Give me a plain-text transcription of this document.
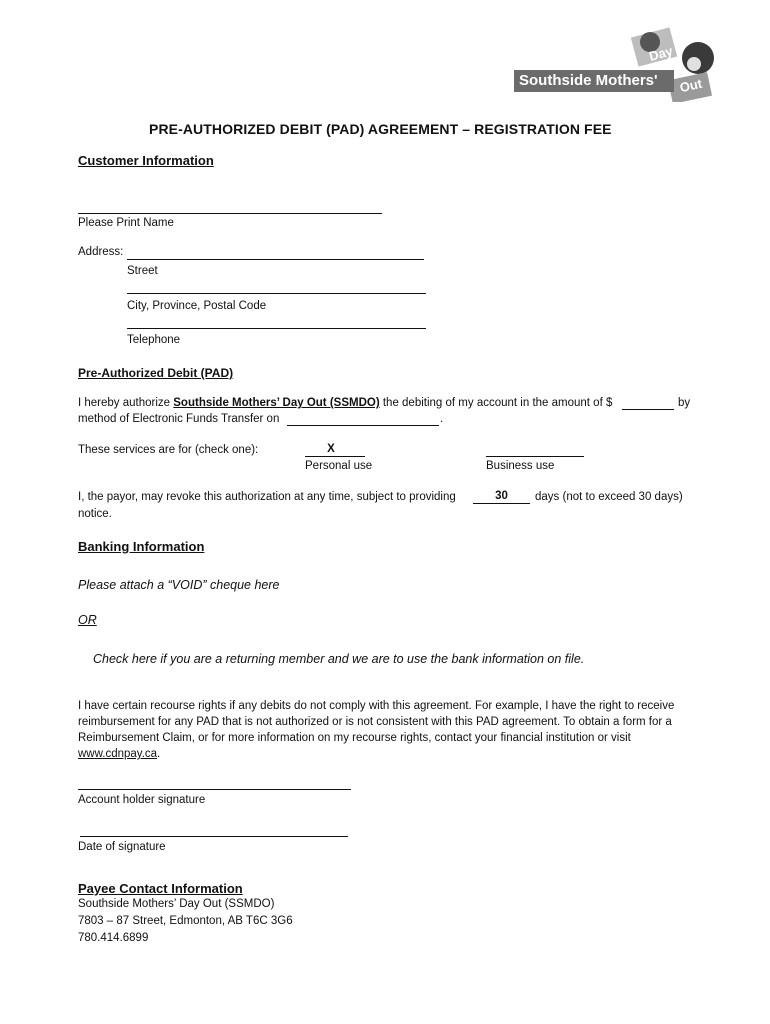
Southside Mothers'
Day
Out
PRE-AUTHORIZED DEBIT (PAD) AGREEMENT – REGISTRATION FEE
Customer Information
Please Print Name
Address:
Street
City, Province, Postal Code
Telephone
Pre-Authorized Debit (PAD)
I hereby authorize Southside Mothers’ Day Out (SSMDO) the debiting of my account in the amount of $	by
method of Electronic Funds Transfer on	.
These services are for (check one):	X
Personal use	Business use
I, the payor, may revoke this authorization at any time, subject to providing	30	days (not to exceed 30 days)
notice.
Banking Information
Please attach a “VOID” cheque here
OR
Check here if you are a returning member and we are to use the bank information on file.
I have certain recourse rights if any debits do not comply with this agreement. For example, I have the right to receive reimbursement for any PAD that is not authorized or is not consistent with this PAD agreement. To obtain a form for a Reimbursement Claim, or for more information on my recourse rights, contact your financial institution or visit www.cdnpay.ca.
Account holder signature
Date of signature
Payee Contact Information
Southside Mothers’ Day Out (SSMDO)
7803 – 87 Street, Edmonton, AB T6C 3G6
780.414.6899
